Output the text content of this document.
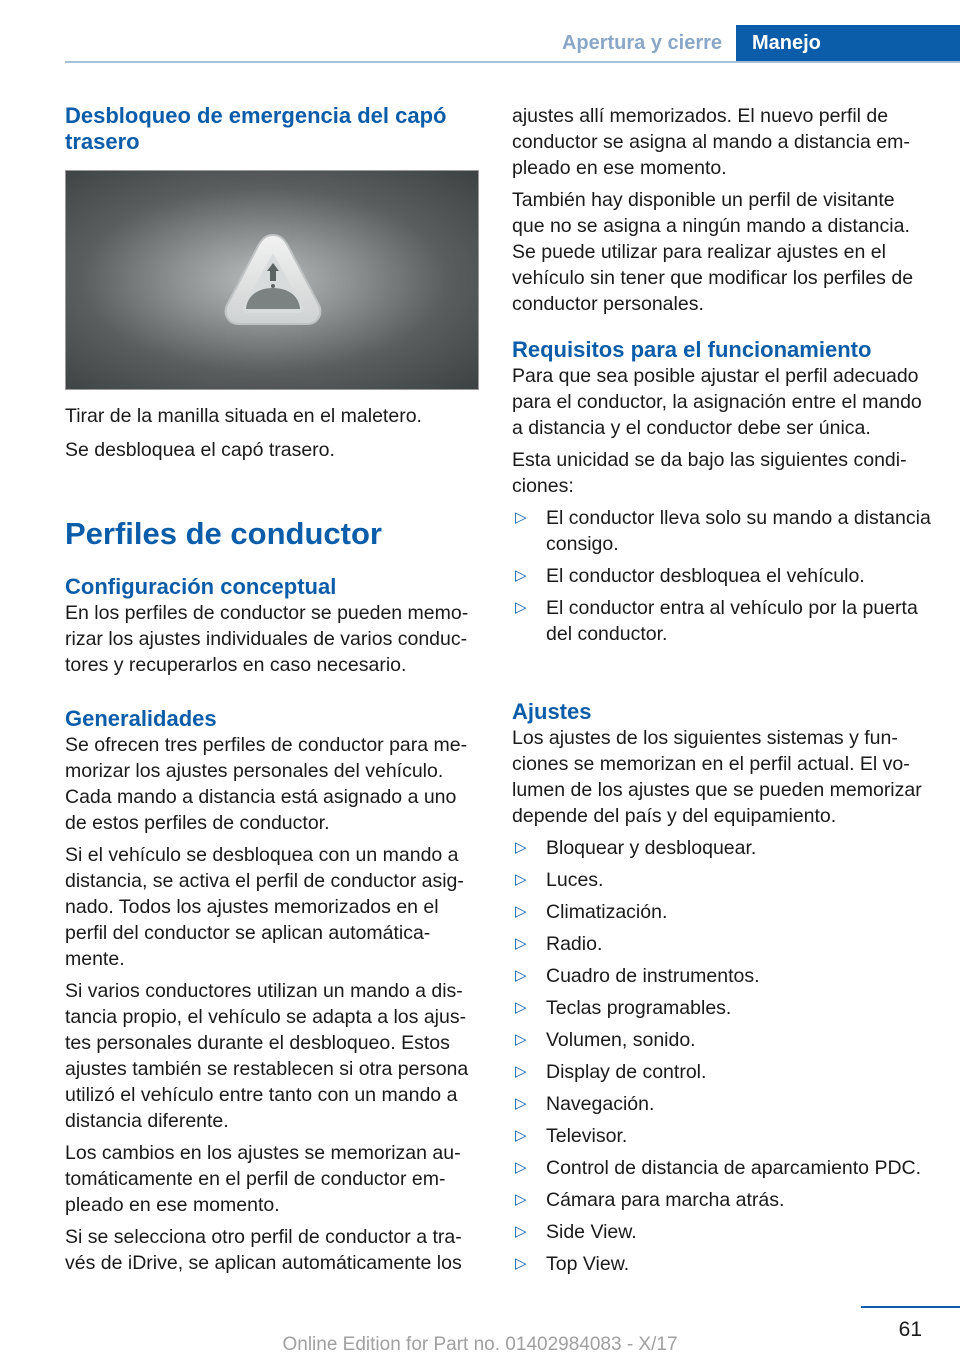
Apertura y cierre	Manejo
Desbloqueo de emergencia del capó trasero

Tirar de la manilla situada en el maletero.

Se desbloquea el capó trasero.

Perfiles de conductor
Configuración conceptual

En los perfiles de conductor se pueden memorizar los ajustes individuales de varios conductores y recuperarlos en caso necesario.

Generalidades

Se ofrecen tres perfiles de conductor para memorizar los ajustes personales del vehículo. Cada mando a distancia está asignado a uno de estos perfiles de conductor.

Si el vehículo se desbloquea con un mando a distancia, se activa el perfil de conductor asignado. Todos los ajustes memorizados en el perfil del conductor se aplican automáticamente.

Si varios conductores utilizan un mando a distancia propio, el vehículo se adapta a los ajustes personales durante el desbloqueo. Estos ajustes también se restablecen si otra persona utilizó el vehículo entre tanto con un mando a distancia diferente.

Los cambios en los ajustes se memorizan automáticamente en el perfil de conductor empleado en ese momento.

Si se selecciona otro perfil de conductor a través de iDrive, se aplican automáticamente los

ajustes allí memorizados. El nuevo perfil de conductor se asigna al mando a distancia empleado en ese momento.

También hay disponible un perfil de visitante que no se asigna a ningún mando a distancia. Se puede utilizar para realizar ajustes en el vehículo sin tener que modificar los perfiles de conductor personales.

Requisitos para el funcionamiento

Para que sea posible ajustar el perfil adecuado para el conductor, la asignación entre el mando a distancia y el conductor debe ser única.

Esta unicidad se da bajo las siguientes condiciones:

▷ El conductor lleva solo su mando a distancia consigo.
▷ El conductor desbloquea el vehículo.
▷ El conductor entra al vehículo por la puerta del conductor.
Ajustes

Los ajustes de los siguientes sistemas y funciones se memorizan en el perfil actual. El volumen de los ajustes que se pueden memorizar depende del país y del equipamiento.

▷ Bloquear y desbloquear.
▷ Luces.
▷ Climatización.
▷ Radio.
▷ Cuadro de instrumentos.
▷ Teclas programables.
▷ Volumen, sonido.
▷ Display de control.
▷ Navegación.
▷ Televisor.
▷ Control de distancia de aparcamiento PDC.
▷ Cámara para marcha atrás.
▷ Side View.
▷ Top View.
61
Online Edition for Part no. 01402984083 - X/17
